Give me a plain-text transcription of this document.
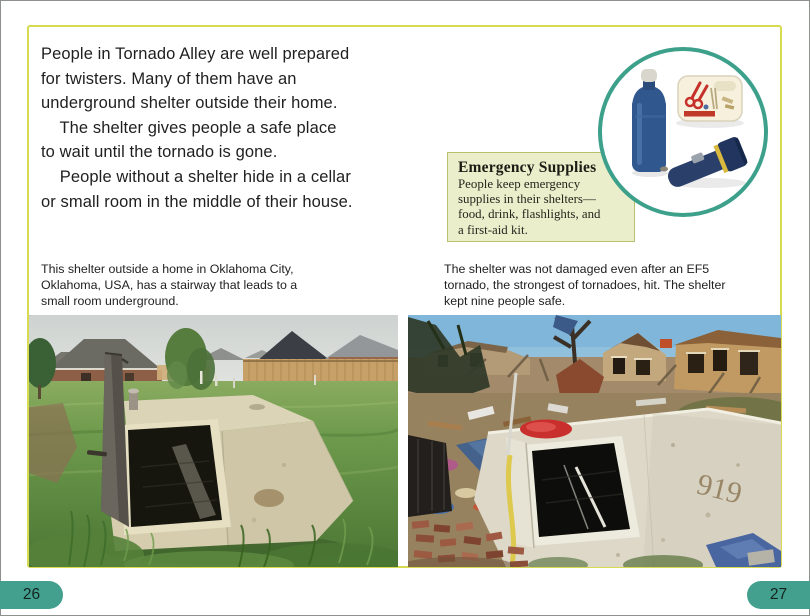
People in Tornado Alley are well prepared
for twisters. Many of them have an
underground shelter outside their home.
The shelter gives people a safe place
to wait until the tornado is gone.
People without a shelter hide in a cellar
or small room in the middle of their house.
Emergency Supplies
People keep emergency
supplies in their shelters—
food, drink, flashlights, and
a first-aid kit.
This shelter outside a home in Oklahoma City,
Oklahoma, USA, has a stairway that leads to a
small room underground.
The shelter was not damaged even after an EF5
tornado, the strongest of tornadoes, hit. The shelter
kept nine people safe.
919
26	27
